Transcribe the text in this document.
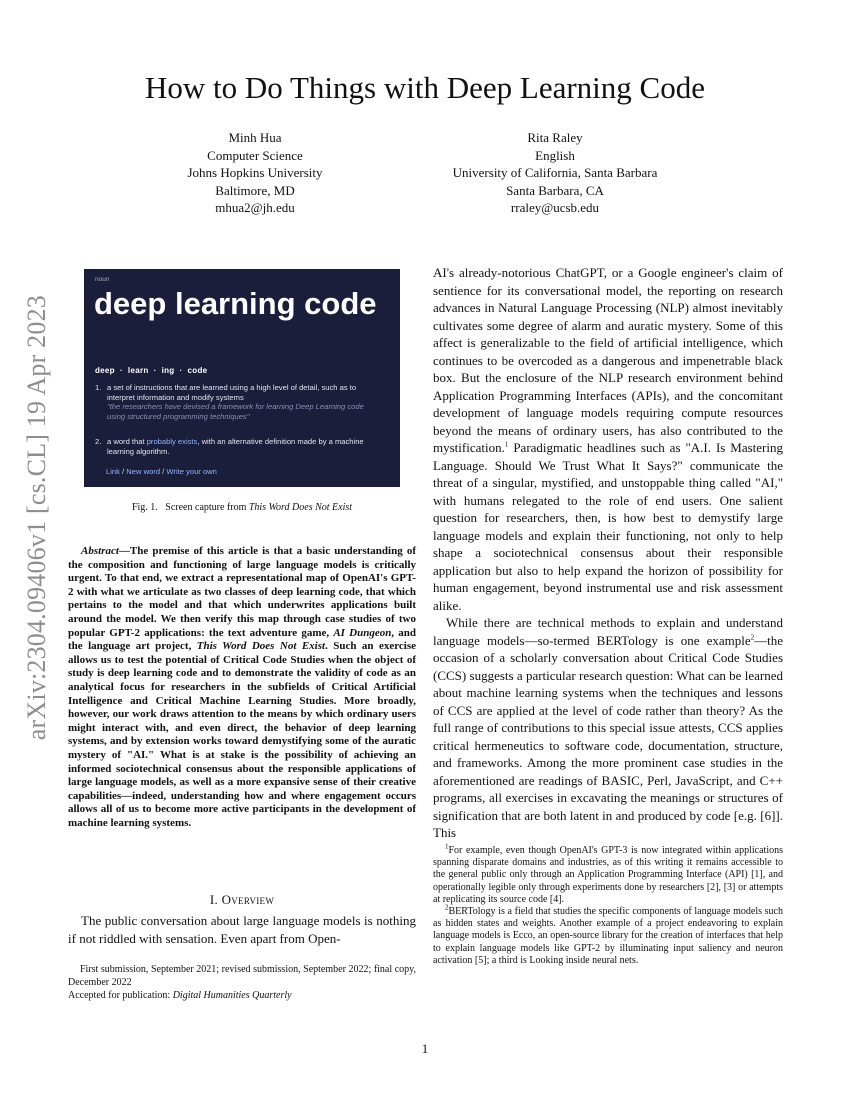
arXiv:2304.09406v1 [cs.CL] 19 Apr 2023
How to Do Things with Deep Learning Code
Minh Hua
Computer Science
Johns Hopkins University
Baltimore, MD
mhua2@jh.edu
Rita Raley
English
University of California, Santa Barbara
Santa Barbara, CA
rraley@ucsb.edu
noun
deep learning code
deep  ·  learn  ·  ing  ·  code
1. a set of instructions that are learned using a high level of detail, such as to interpret information and modify systems
"the researchers have devised a framework for learning Deep Learning code using structured programming techniques"
2. a word that probably exists, with an alternative definition made by a machine learning algorithm.
Link / New word / Write your own
Fig. 1.   Screen capture from This Word Does Not Exist
Abstract—The premise of this article is that a basic understanding of the composition and functioning of large language models is critically urgent. To that end, we extract a representational map of OpenAI's GPT-2 with what we articulate as two classes of deep learning code, that which pertains to the model and that which underwrites applications built around the model. We then verify this map through case studies of two popular GPT-2 applications: the text adventure game, AI Dungeon, and the language art project, This Word Does Not Exist. Such an exercise allows us to test the potential of Critical Code Studies when the object of study is deep learning code and to demonstrate the validity of code as an analytical focus for researchers in the subfields of Critical Artificial Intelligence and Critical Machine Learning Studies. More broadly, however, our work draws attention to the means by which ordinary users might interact with, and even direct, the behavior of deep learning systems, and by extension works toward demystifying some of the auratic mystery of "AI." What is at stake is the possibility of achieving an informed sociotechnical consensus about the responsible applications of large language models, as well as a more expansive sense of their creative capabilities—indeed, understanding how and where engagement occurs allows all of us to become more active participants in the development of machine learning systems.
I. Overview

The public conversation about large language models is nothing if not riddled with sensation. Even apart from Open-

First submission, September 2021; revised submission, September 2022; final copy, December 2022
Accepted for publication: Digital Humanities Quarterly

AI's already-notorious ChatGPT, or a Google engineer's claim of sentience for its conversational model, the reporting on research advances in Natural Language Processing (NLP) almost inevitably cultivates some degree of alarm and auratic mystery. Some of this affect is generalizable to the field of artificial intelligence, which continues to be overcoded as a dangerous and impenetrable black box. But the enclosure of the NLP research environment behind Application Programming Interfaces (APIs), and the concomitant development of language models requiring compute resources beyond the means of ordinary users, has also contributed to the mystification.$^1$ Paradigmatic headlines such as "A.I. Is Mastering Language. Should We Trust What It Says?" communicate the threat of a singular, mystified, and unstoppable thing called "AI," with humans relegated to the role of end users. One salient question for researchers, then, is how best to demystify large language models and explain their functioning, not only to help shape a sociotechnical consensus about their responsible application but also to help expand the horizon of possibility for human engagement, beyond instrumental use and risk assessment alike.

While there are technical methods to explain and understand language models—so-termed BERTology is one example$^2$—the occasion of a scholarly conversation about Critical Code Studies (CCS) suggests a particular research question: What can be learned about machine learning systems when the techniques and lessons of CCS are applied at the level of code rather than theory? As the full range of contributions to this special issue attests, CCS applies critical hermeneutics to software code, documentation, structure, and frameworks. Among the more prominent case studies in the aforementioned are readings of BASIC, Perl, JavaScript, and C++ programs, all exercises in excavating the meanings or structures of signification that are both latent in and produced by code [e.g. [6]]. This

$^1$For example, even though OpenAI's GPT-3 is now integrated within applications spanning disparate domains and industries, as of this writing it remains accessible to the general public only through an Application Programming Interface (API) [1], and operationally legible only through experiments done by researchers [2], [3] or attempts at replicating its source code [4].

$^2$BERTology is a field that studies the specific components of language models such as hidden states and weights. Another example of a project endeavoring to explain language models is Ecco, an open-source library for the creation of interfaces that help to explain language models like GPT-2 by illuminating input saliency and neuron activation [5]; a third is Looking inside neural nets.

1
